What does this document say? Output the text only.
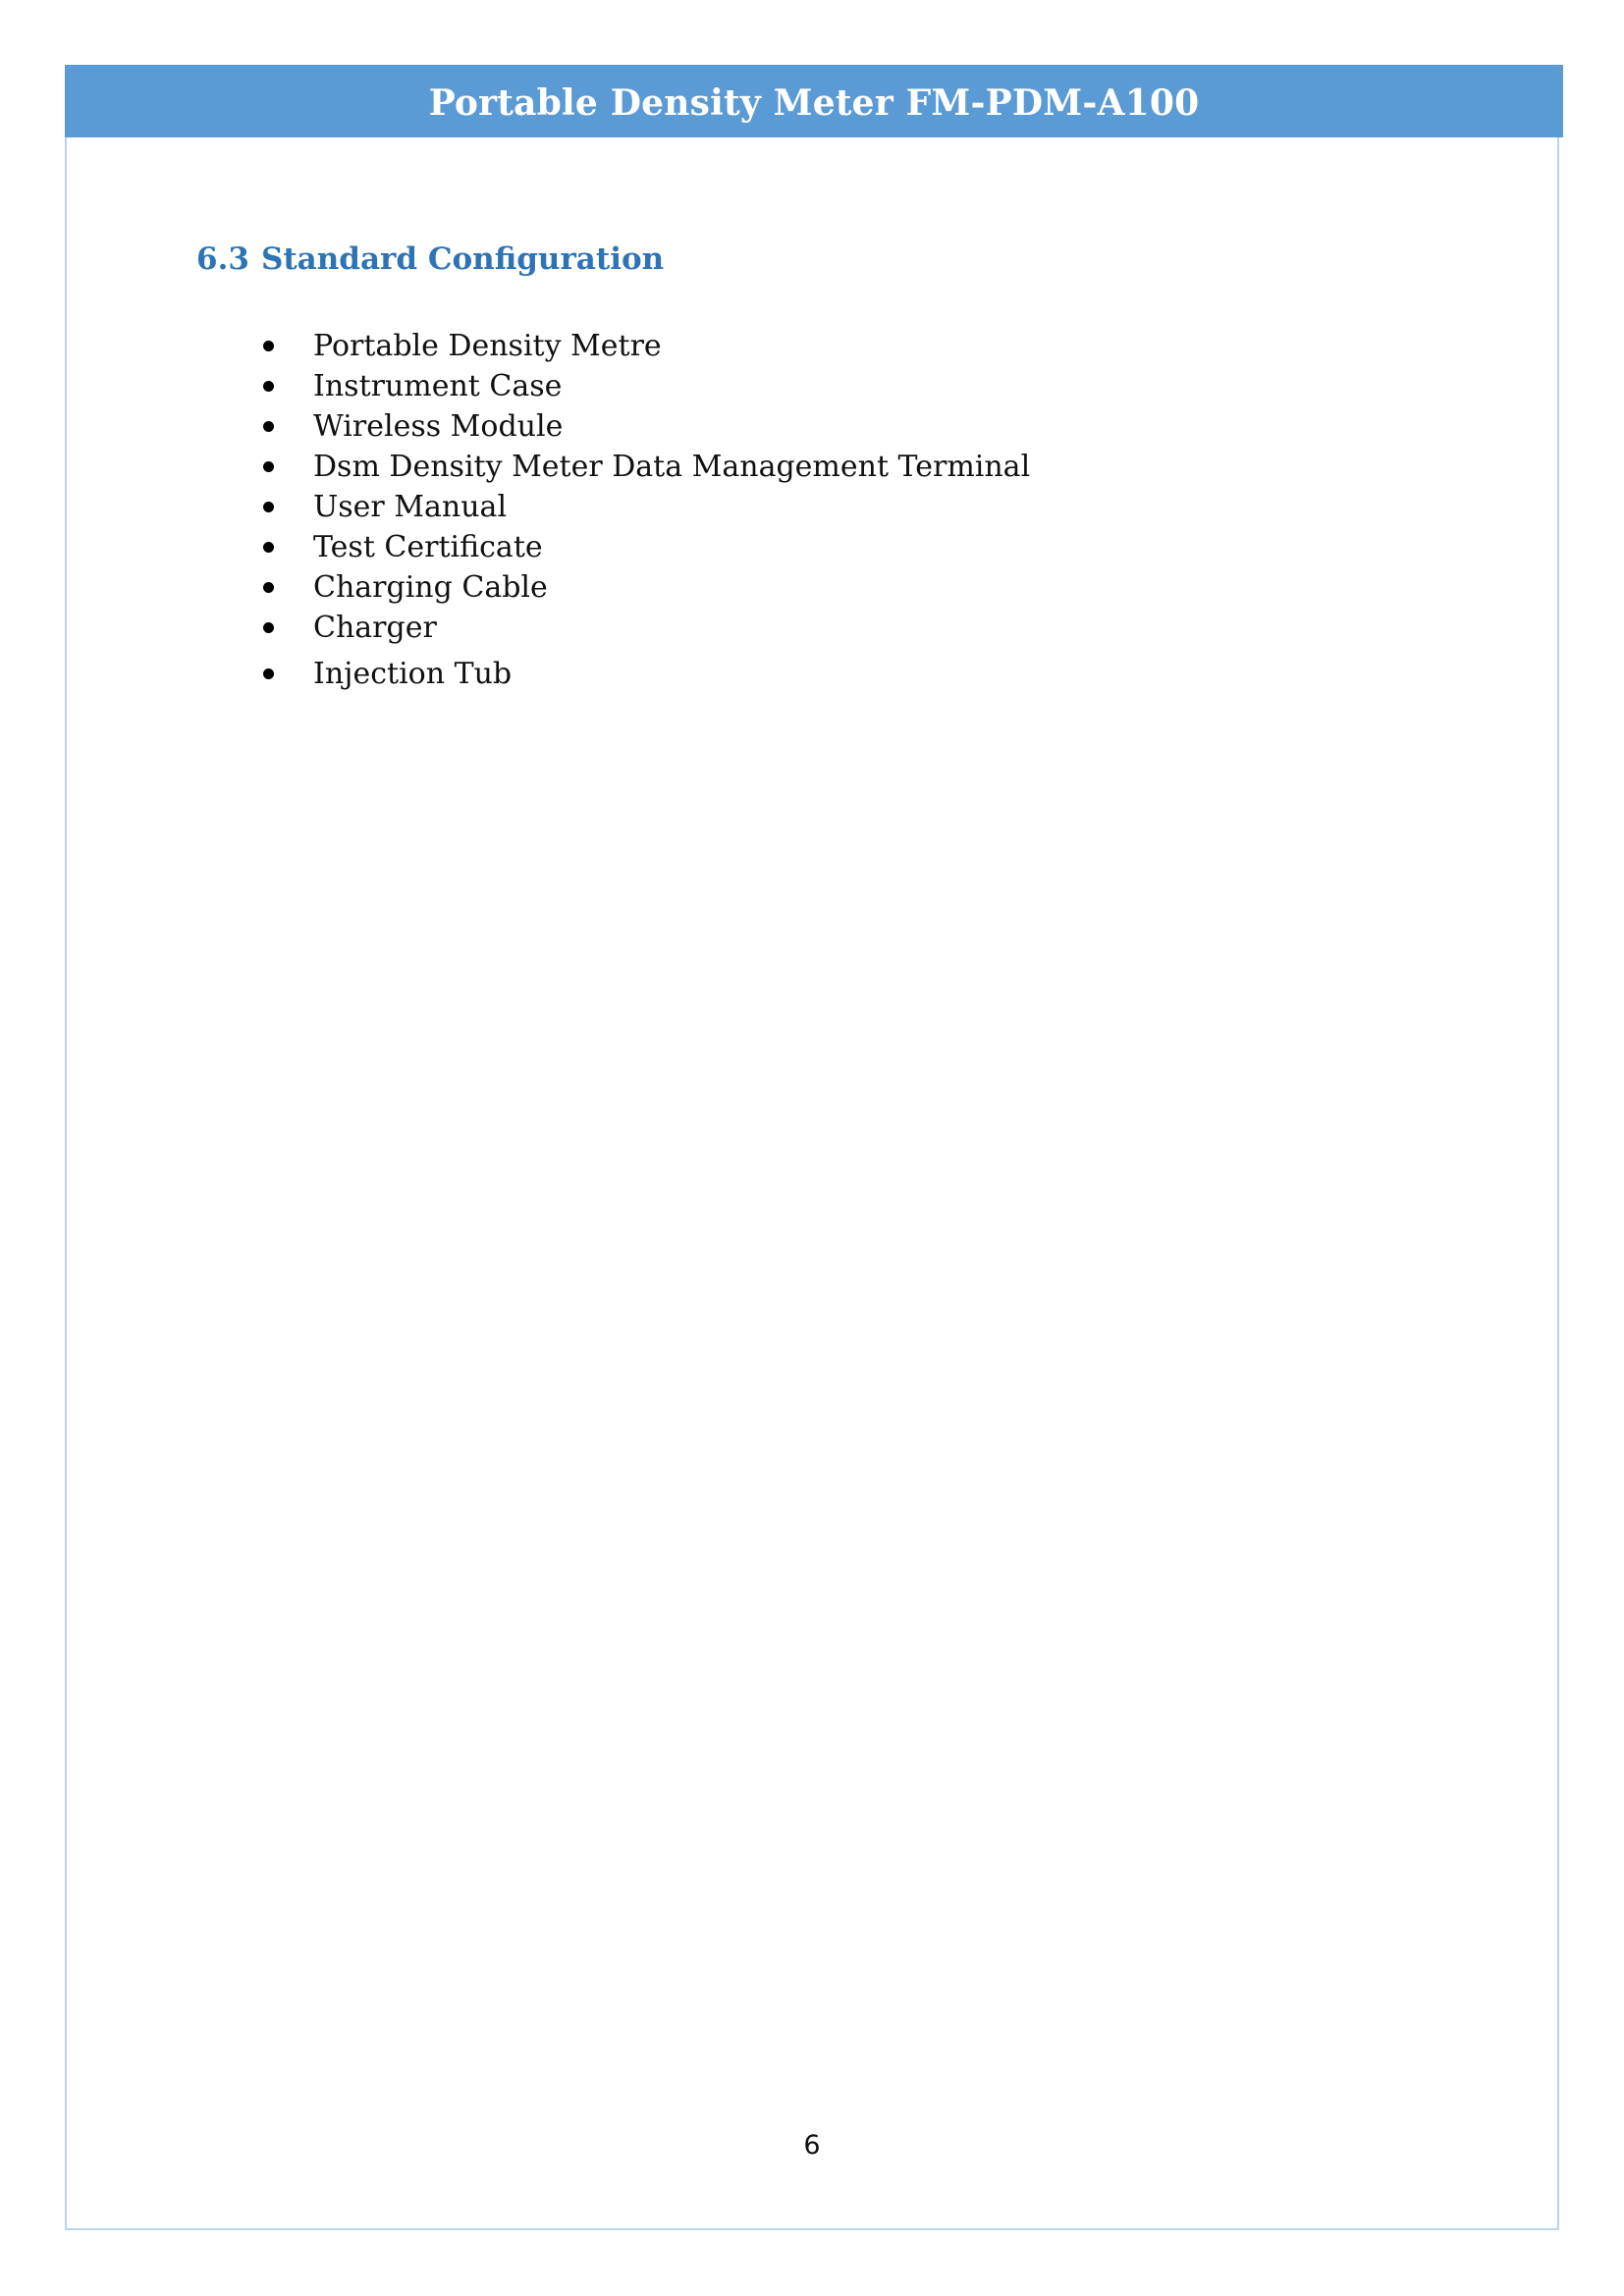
Portable Density Meter FM-PDM-A100
6.3 Standard Configuration
Portable Density Metre
Instrument Case
Wireless Module
Dsm Density Meter Data Management Terminal
User Manual
Test Certificate
Charging Cable
Charger
Injection Tub
6
